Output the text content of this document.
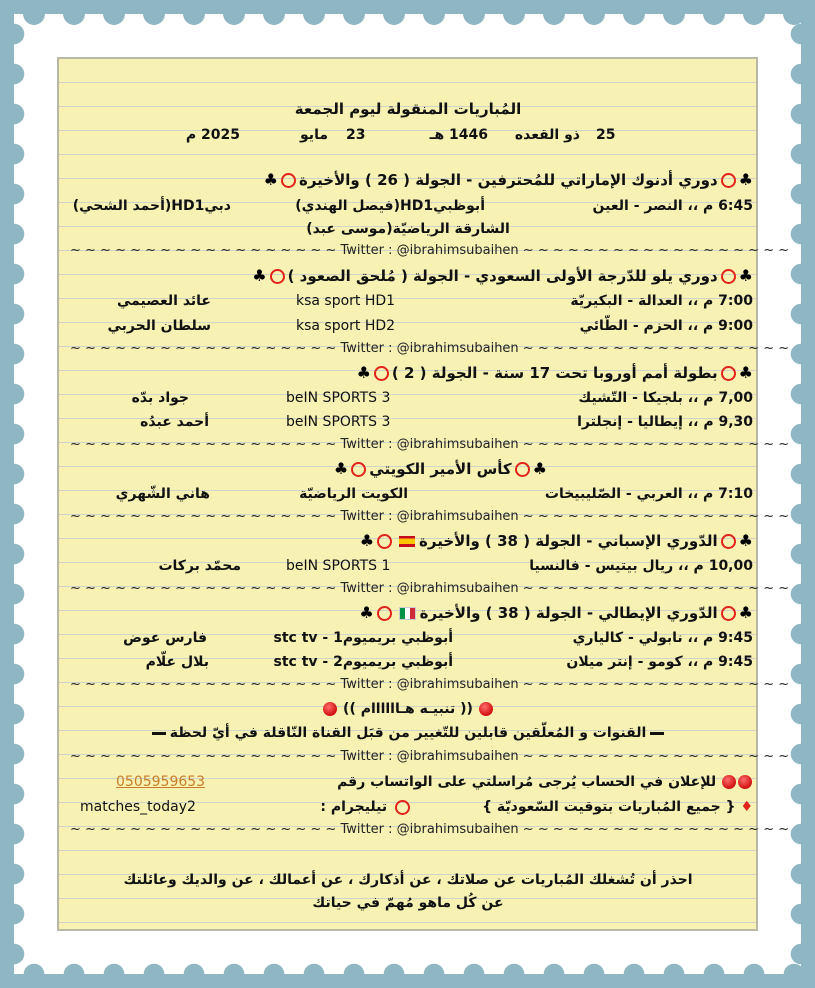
المُباريات المنقولة ليوم الجمعة
25
ذو القعده
1446 هـ
23
مايو
2025 م
♣دوري أدنوك الإماراتي للمُحترفين - الجولة ( 26 ) والأخيرة♣
6:45 م ،، النصر - العين
أبوظبيHD1(فيصل الهندي)
دبيHD1(أحمد الشحي)
الشارقة الرياضيّة(موسى عبد)
~ ~ ~ ~ ~ ~ ~ ~ ~ ~ ~ ~ ~ ~ ~ ~ ~ ~ Twitter : @ibrahimsubaihen ~ ~ ~ ~ ~ ~ ~ ~ ~ ~ ~ ~ ~ ~ ~ ~ ~ ~
♣دوري يلو للدّرجة الأولى السعودي - الجولة ( مُلحق الصعود )♣
7:00 م ،، العدالة - البكيريّة
ksa sport HD1
عائد العصيمي
9:00 م ،، الحزم - الطّائي
ksa sport HD2
سلطان الحربي
~ ~ ~ ~ ~ ~ ~ ~ ~ ~ ~ ~ ~ ~ ~ ~ ~ ~ Twitter : @ibrahimsubaihen ~ ~ ~ ~ ~ ~ ~ ~ ~ ~ ~ ~ ~ ~ ~ ~ ~ ~
♣بطولة أمم أوروبا تحت 17 سنة - الجولة ( 2 )♣
7,00 م ،، بلجيكا - التّشيك
beIN SPORTS 3
جواد بدّه
9,30 م ،، إيطاليا - إنجلترا
beIN SPORTS 3
أحمد عبدُه
~ ~ ~ ~ ~ ~ ~ ~ ~ ~ ~ ~ ~ ~ ~ ~ ~ ~ Twitter : @ibrahimsubaihen ~ ~ ~ ~ ~ ~ ~ ~ ~ ~ ~ ~ ~ ~ ~ ~ ~ ~
♣كأس الأمير الكويتي♣
7:10 م ،، العربي - الصّليبيخات
الكويت الرياضيّة
هاني الشّهري
~ ~ ~ ~ ~ ~ ~ ~ ~ ~ ~ ~ ~ ~ ~ ~ ~ ~ Twitter : @ibrahimsubaihen ~ ~ ~ ~ ~ ~ ~ ~ ~ ~ ~ ~ ~ ~ ~ ~ ~ ~
♣الدّوري الإسباني - الجولة ( 38 ) والأخيرة♣
10,00 م ،، ريال بيتيس - فالنسيا
beIN SPORTS 1
محمّد بركات
~ ~ ~ ~ ~ ~ ~ ~ ~ ~ ~ ~ ~ ~ ~ ~ ~ ~ Twitter : @ibrahimsubaihen ~ ~ ~ ~ ~ ~ ~ ~ ~ ~ ~ ~ ~ ~ ~ ~ ~ ~
♣الدّوري الإيطالي - الجولة ( 38 ) والأخيرة♣
9:45 م ،، نابولي - كالياري
أبوظبي بريميوم1 - stc tv
فارس عوض
9:45 م ،، كومو - إنتر ميلان
أبوظبي بريميوم2 - stc tv
بلال علّام
~ ~ ~ ~ ~ ~ ~ ~ ~ ~ ~ ~ ~ ~ ~ ~ ~ ~ Twitter : @ibrahimsubaihen ~ ~ ~ ~ ~ ~ ~ ~ ~ ~ ~ ~ ~ ~ ~ ~ ~ ~
(( تنبيـه هـاااااام ))
القنوات و المُعلّقين قابلين للتّغيير من قبَل القناة النّاقلة في أيّ لحظة
~ ~ ~ ~ ~ ~ ~ ~ ~ ~ ~ ~ ~ ~ ~ ~ ~ ~ Twitter : @ibrahimsubaihen ~ ~ ~ ~ ~ ~ ~ ~ ~ ~ ~ ~ ~ ~ ~ ~ ~ ~
للإعلان في الحساب يُرجى مُراسلتي على الواتساب رقم
0505959653
♦ { جميع المُباريات بتوقيت السّعوديّة }
تيليجرام :
matches_today2
~ ~ ~ ~ ~ ~ ~ ~ ~ ~ ~ ~ ~ ~ ~ ~ ~ ~ Twitter : @ibrahimsubaihen ~ ~ ~ ~ ~ ~ ~ ~ ~ ~ ~ ~ ~ ~ ~ ~ ~ ~
احذر أن تُشغلك المُباريات عن صلاتك ، عن أذكارك ، عن أعمالك ، عن والديك وعائلتك
عن كُل ماهو مُهمّ في حياتك
